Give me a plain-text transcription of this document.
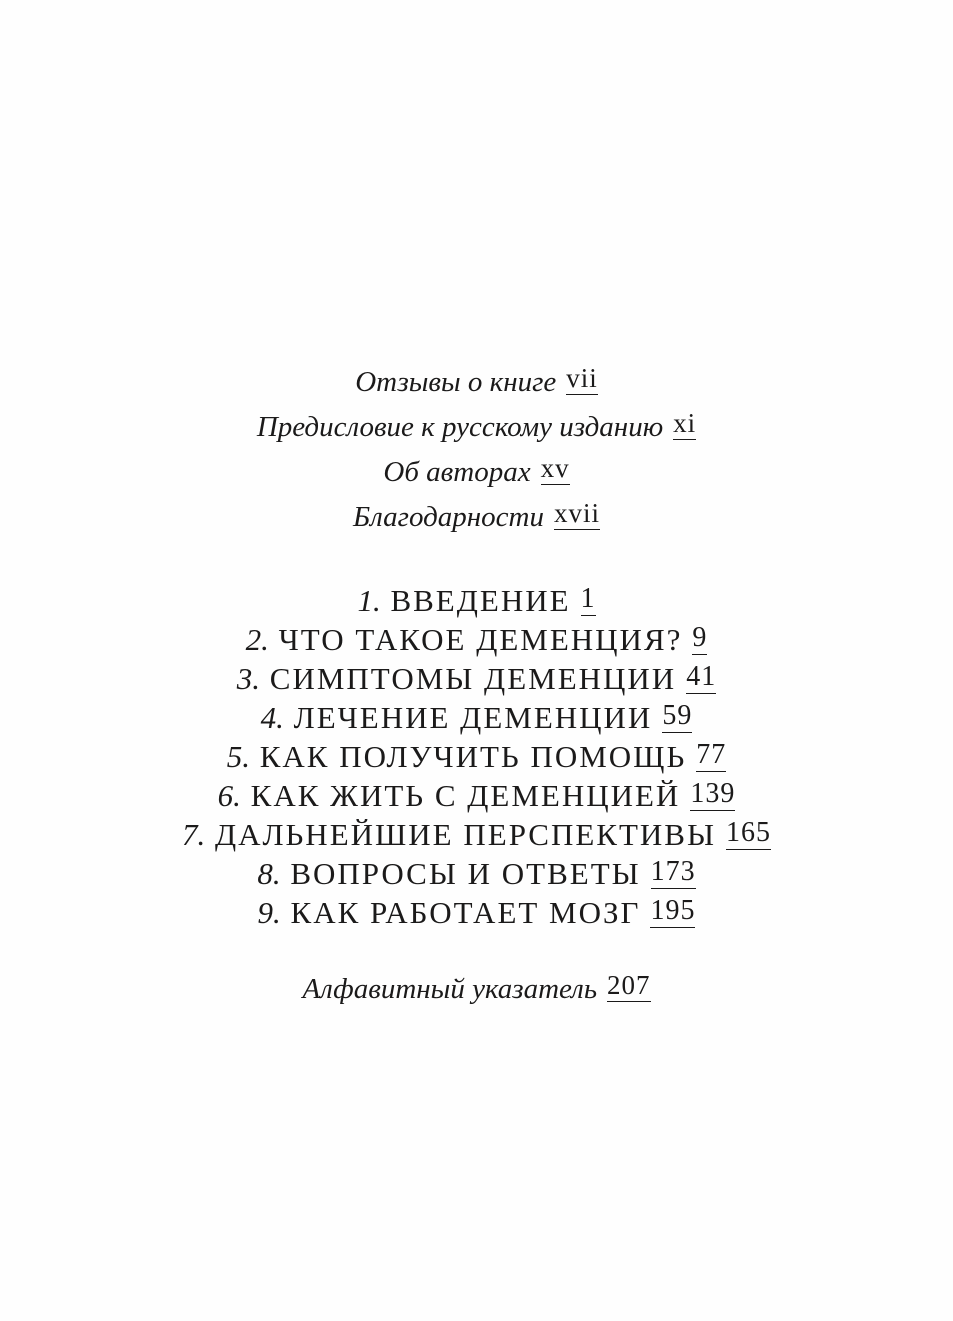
Отзывы о книге vii
Предисловие к русскому изданию xi
Об авторах xv
Благодарности xvii
1. ВВЕДЕНИЕ 1
2. ЧТО ТАКОЕ ДЕМЕНЦИЯ? 9
3. СИМПТОМЫ ДЕМЕНЦИИ 41
4. ЛЕЧЕНИЕ ДЕМЕНЦИИ 59
5. КАК ПОЛУЧИТЬ ПОМОЩЬ 77
6. КАК ЖИТЬ С ДЕМЕНЦИЕЙ 139
7. ДАЛЬНЕЙШИЕ ПЕРСПЕКТИВЫ 165
8. ВОПРОСЫ И ОТВЕТЫ 173
9. КАК РАБОТАЕТ МОЗГ 195
Алфавитный указатель 207
